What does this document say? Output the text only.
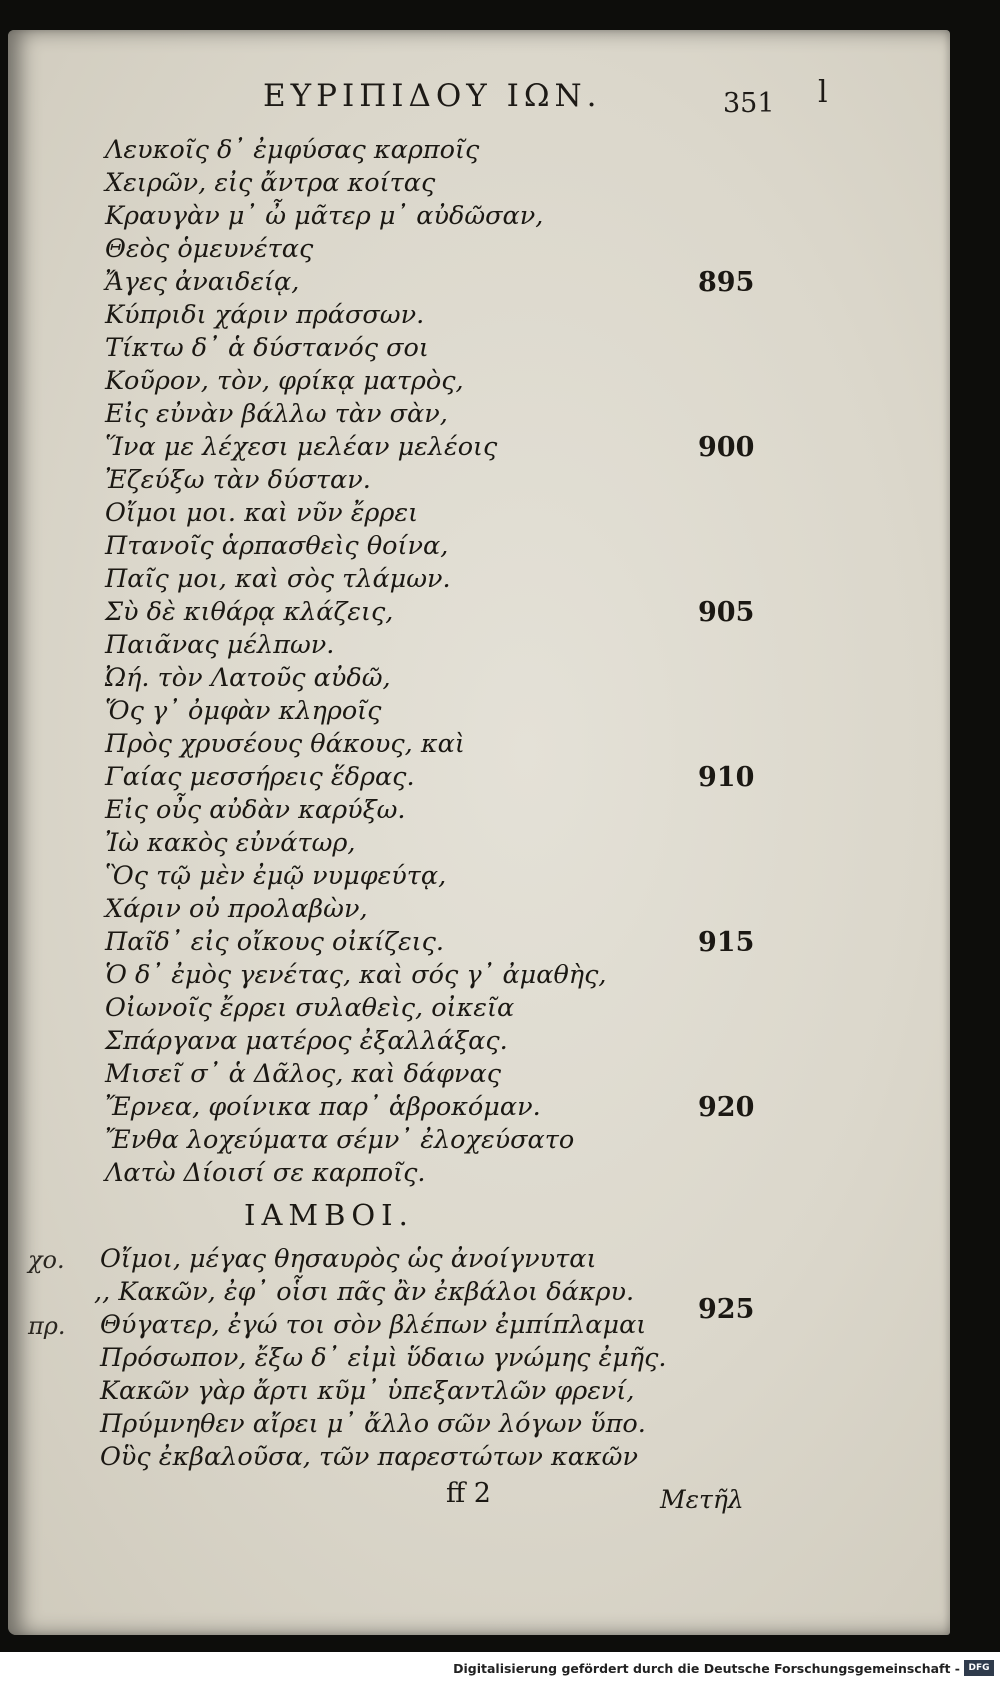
ΕΥΡΙΠΙΔΟΥ ΙΩΝ.	351 l
Λευκοῖς δ᾽ ἐμφύσας καρποῖς
Χειρῶν, εἰς ἄντρα κοίτας
Κραυγὰν μ᾽ ὦ μᾶτερ μ᾽ αὐδῶσαν,
Θεὸς ὁμευνέτας
Ἄγες ἀναιδείᾳ,
Κύπριδι χάριν πράσσων.
Τίκτω δ᾽ ἁ δύστανός σοι
Κοῦρον, τὸν, φρίκᾳ ματρὸς,
Εἰς εὐνὰν βάλλω τὰν σὰν,
Ἵνα με λέχεσι μελέαν μελέοις
Ἐζεύξω τὰν δύσταν.
Οἴμοι μοι. καὶ νῦν ἔρρει
Πτανοῖς ἁρπασθεὶς θοίνα,
Παῖς μοι, καὶ σὸς τλάμων.
Σὺ δὲ κιθάρᾳ κλάζεις,
Παιᾶνας μέλπων.
Ὠή. τὸν Λατοῦς αὐδῶ,
Ὅς γ᾽ ὀμφὰν κληροῖς
Πρὸς χρυσέους θάκους, καὶ
Γαίας μεσσήρεις ἕδρας.
Εἰς οὖς αὐδὰν καρύξω.
Ἰὼ κακὸς εὐνάτωρ,
Ὃς τῷ μὲν ἐμῷ νυμφεύτᾳ,
Χάριν οὐ προλαβὼν,
Παῖδ᾽ εἰς οἴκους οἰκίζεις.
Ὁ δ᾽ ἐμὸς γενέτας, καὶ σός γ᾽ ἀμαθὴς,
Οἰωνοῖς ἔρρει συλαθεὶς, οἰκεῖα
Σπάργανα ματέρος ἐξαλλάξας.
Μισεῖ σ᾽ ἁ Δᾶλος, καὶ δάφνας
Ἔρνεα, φοίνικα παρ᾽ ἁβροκόμαν.
Ἔνθα λοχεύματα σέμν᾽ ἐλοχεύσατο
Λατὼ Δίοισί σε καρποῖς.
895
900
905
910
915
920
925
ΙΑΜΒΟΙ.
χο. Οἴμοι, μέγας θησαυρὸς ὡς ἀνοίγνυται
,, Κακῶν, ἐφ᾽ οἷσι πᾶς ἂν ἐκβάλοι δάκρυ.
πρ. Θύγατερ, ἐγώ τοι σὸν βλέπων ἐμπίπλαμαι
Πρόσωπον, ἔξω δ᾽ εἰμὶ ὕδαιω γνώμης ἐμῆς.
Κακῶν γὰρ ἄρτι κῦμ᾽ ὑπεξαντλῶν φρενί,
Πρύμνηθεν αἴρει μ᾽ ἄλλο σῶν λόγων ὕπο.
Οὓς ἐκβαλοῦσα, τῶν παρεστώτων κακῶν
ff 2	Μετῆλ
Digitalisierung gefördert durch die Deutsche Forschungsgemeinschaft - DFG
